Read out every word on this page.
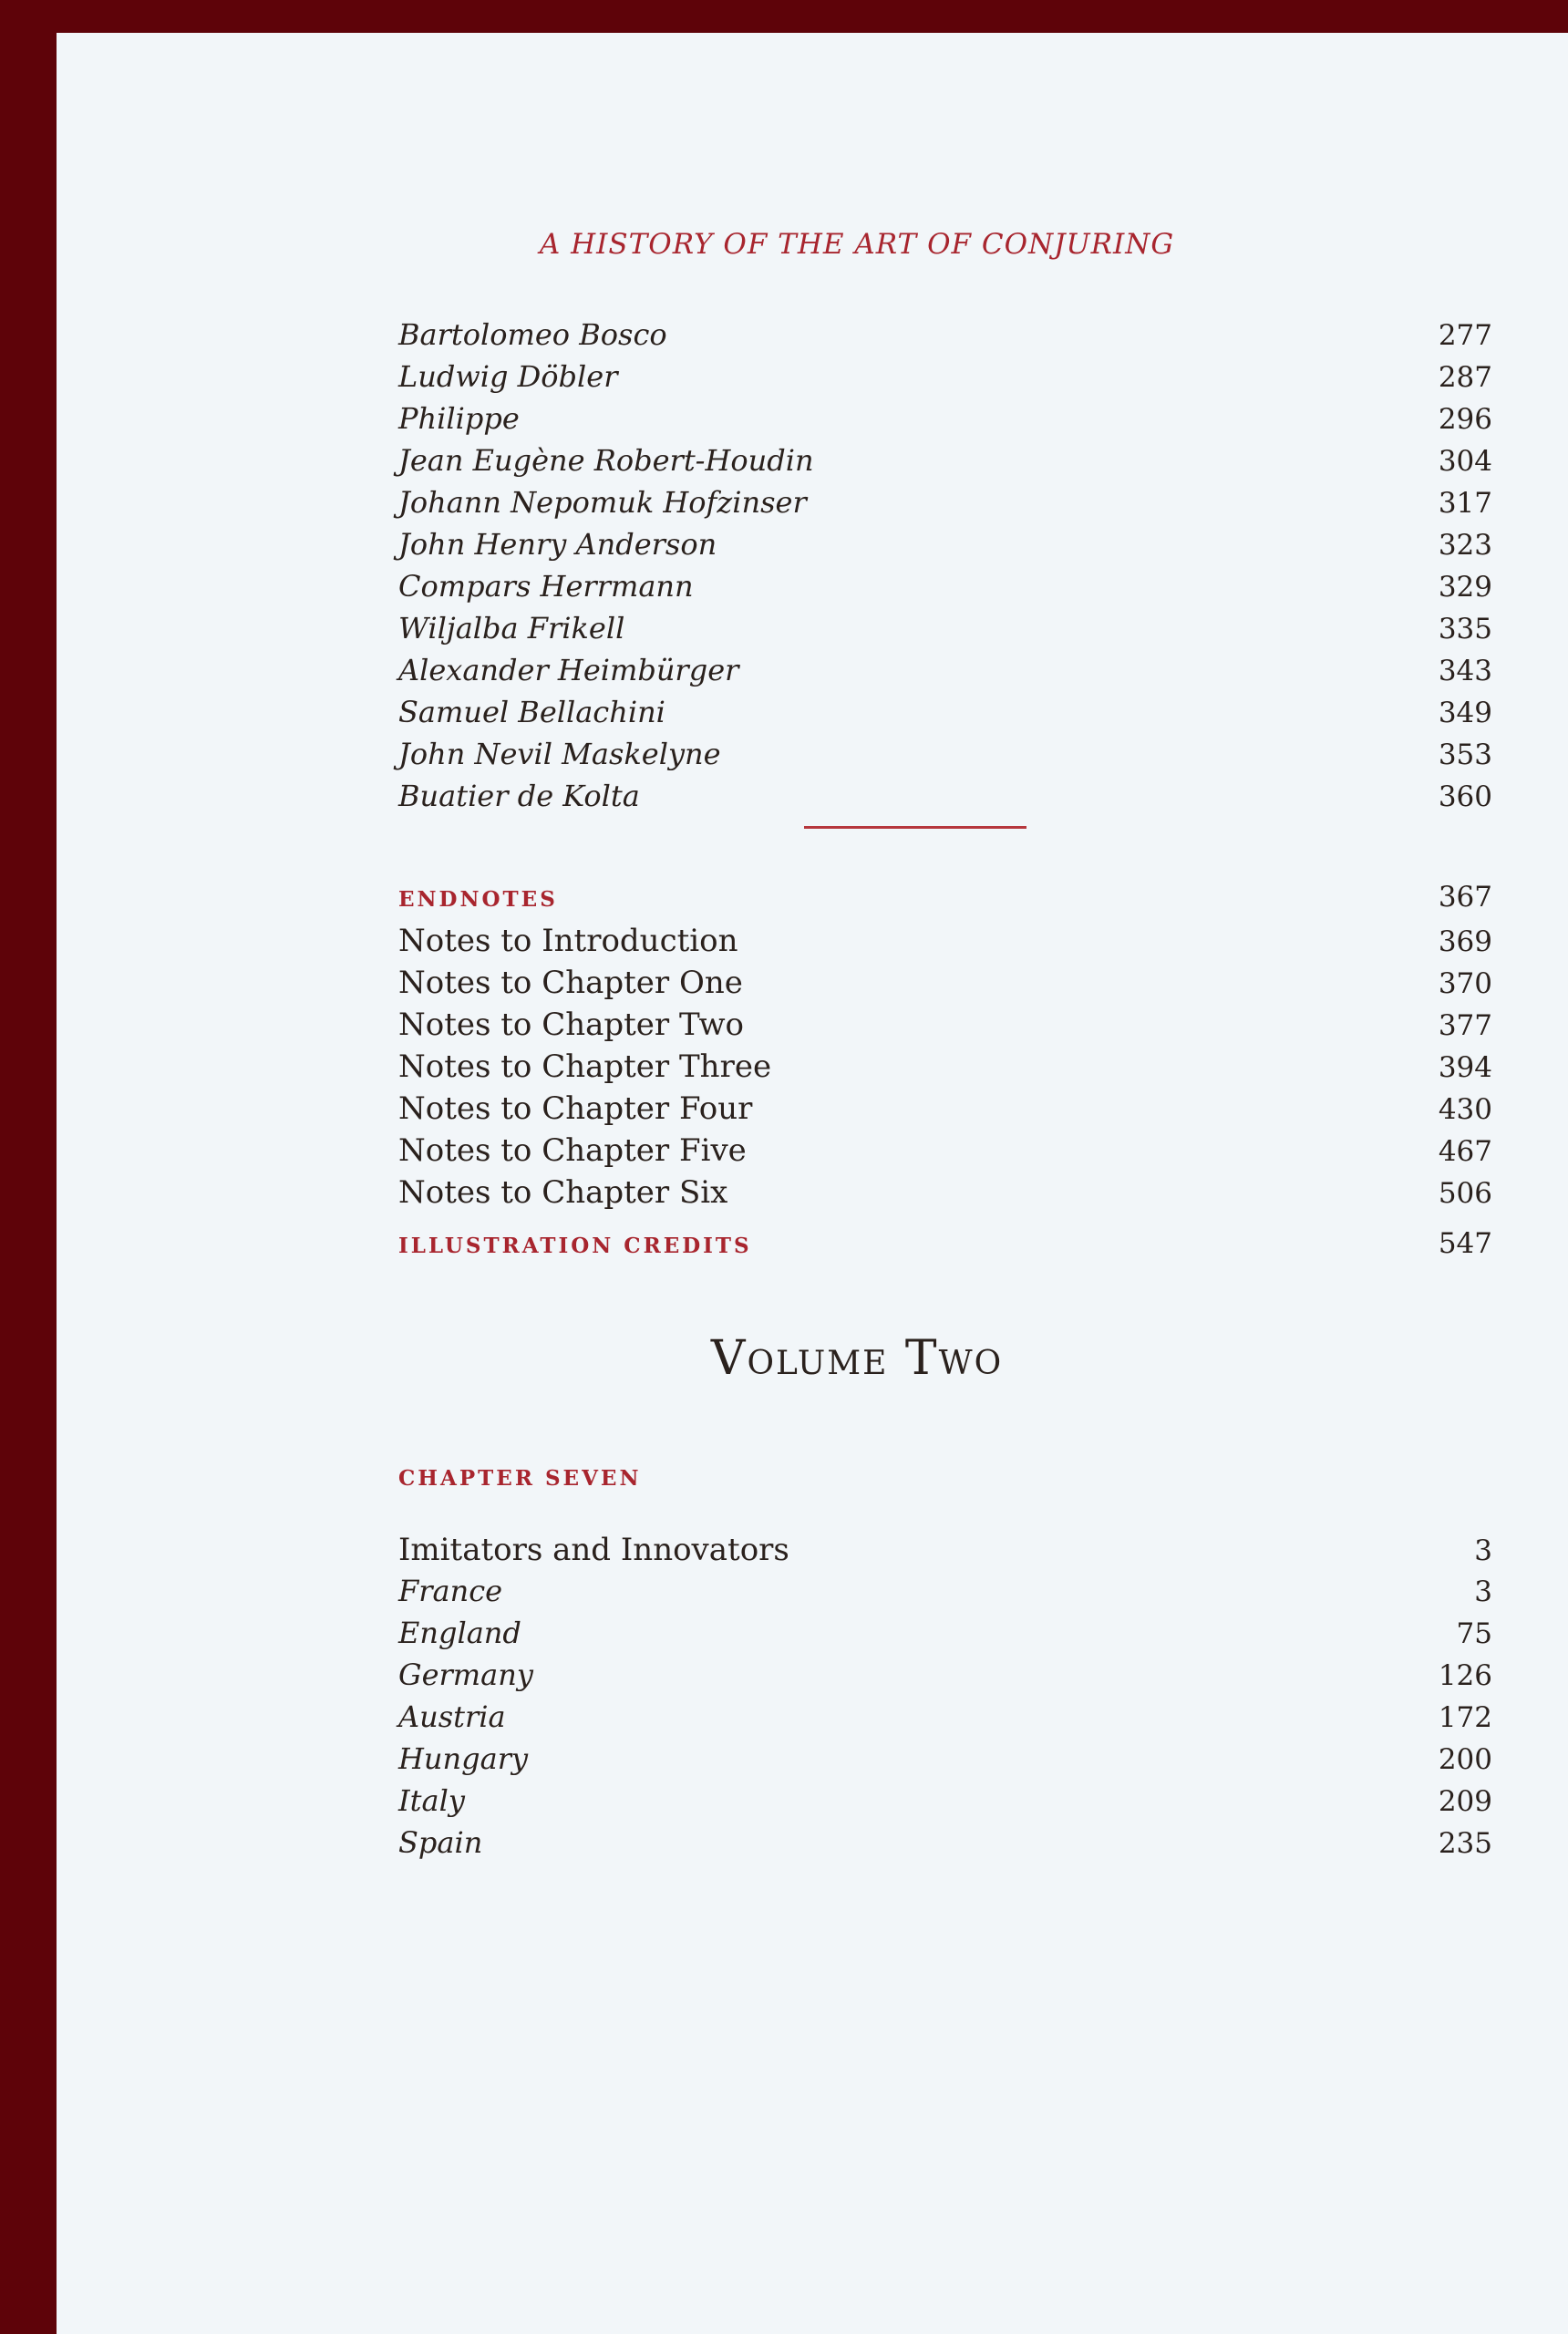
A HISTORY OF THE ART OF CONJURING
Bartolomeo Bosco	277
Ludwig Döbler	287
Philippe	296
Jean Eugène Robert-Houdin	304
Johann Nepomuk Hofzinser	317
John Henry Anderson	323
Compars Herrmann	329
Wiljalba Frikell	335
Alexander Heimbürger	343
Samuel Bellachini	349
John Nevil Maskelyne	353
Buatier de Kolta	360
ENDNOTES	367
Notes to Introduction	369
Notes to Chapter One	370
Notes to Chapter Two	377
Notes to Chapter Three	394
Notes to Chapter Four	430
Notes to Chapter Five	467
Notes to Chapter Six	506
ILLUSTRATION CREDITS	547
Volume Two
CHAPTER SEVEN
Imitators and Innovators	3
France	3
England	75
Germany	126
Austria	172
Hungary	200
Italy	209
Spain	235
